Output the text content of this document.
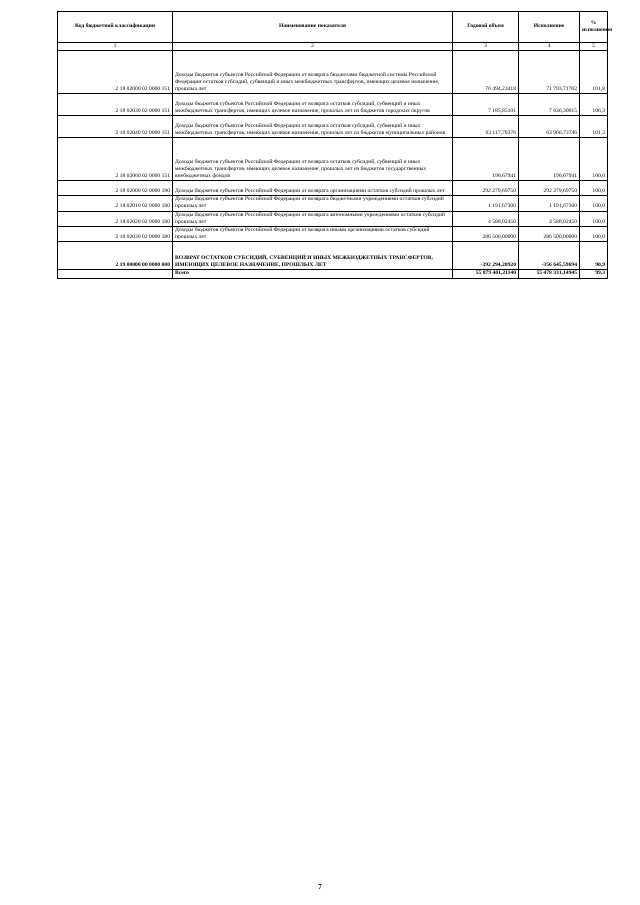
Код бюджетной классификации	Наименование показателя	Годовой объем	Исполнение	% исполнения
1	2	3	4	5
2 18 02000 02 0000 151	Доходы бюджетов субъектов Российской Федерации от возврата бюджетами бюджетной системы Российской Федерации остатков субсидий, субвенций и иных межбюджетных трансфертов, имеющих целевое назначение, прошлых лет	70 494,23418	71 793,71702	101,8
2 18 02030 02 0000 151	Доходы бюджетов субъектов Российской Федерации от возврата остатков субсидий, субвенций и иных межбюджетных трансфертов, имеющих целевое назначение, прошлых лет из бюджетов городских округов	7 185,85101	7 636,30015	106,3
2 18 02040 02 0000 151	Доходы бюджетов субъектов Российской Федерации от возврата остатков субсидий, субвенций и иных межбюджетных трансфертов, имеющих целевое назначение, прошлых лет из бюджетов муниципальных районов	63 117,70376	63 966,73746	101,3
2 18 02060 02 0000 151	Доходы бюджетов субъектов Российской Федерации от возврата остатков субсидий, субвенций и иных межбюджетных трансфертов, имеющих целевое назначение, прошлых лет из бюджетов государственных внебюджетных фондов	190,67941	190,67941	100,0
2 18 02000 02 0000 180	Доходы бюджетов субъектов Российской Федерации от возврата организациями остатков субсидий прошлых лет	292 279,69750	292 279,69750	100,0
2 18 02010 02 0000 180	Доходы бюджетов субъектов Российской Федерации от возврата бюджетными учреждениями остатков субсидий прошлых лет	1 191,67300	1 191,67300	100,0
2 18 02020 02 0000 180	Доходы бюджетов субъектов Российской Федерации от возврата автономными учреждениями остатков субсидий прошлых лет	4 588,02450	4 588,02450	100,0
2 18 02030 02 0000 180	Доходы бюджетов субъектов Российской Федерации от возврата иными организациями остатков субсидий прошлых лет	286 500,00000	286 500,00000	100,0
2 19 00000 00 0000 000	ВОЗВРАТ ОСТАТКОВ СУБСИДИЙ, СУБВЕНЦИЙ И ИНЫХ МЕЖБЮДЖЕТНЫХ ТРАНСФЕРТОВ, ИМЕЮЩИХ ЦЕЛЕВОЕ НАЗНАЧЕНИЕ, ПРОШЛЫХ ЛЕТ	-392 294,20920	-356 645,59694	90,9
	Всего	55 879 401,21140	55 478 331,14945	99,3
7
